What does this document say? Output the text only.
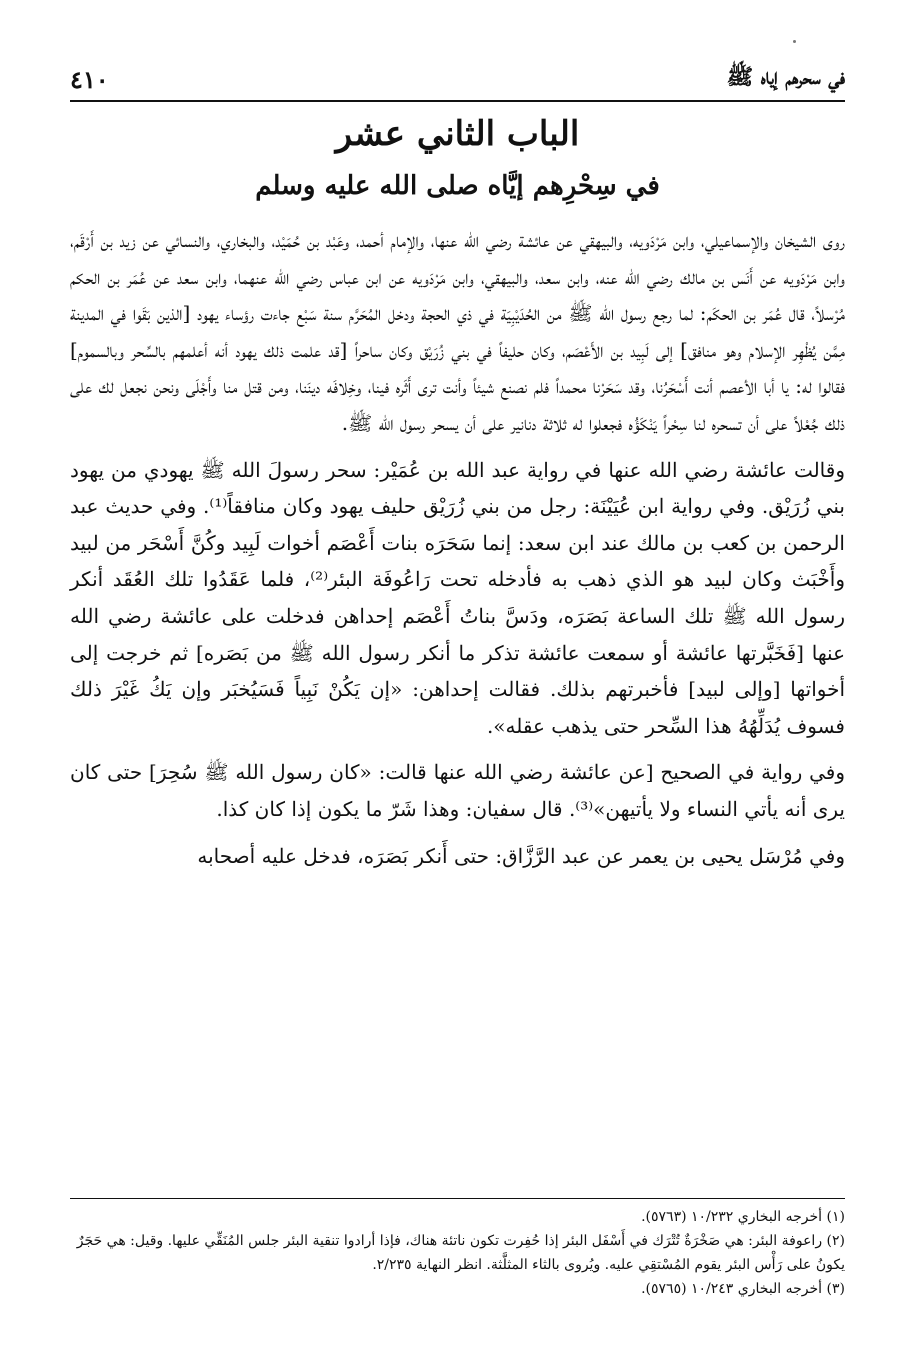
في سحرهم إياه ﷺ
٤١٠
الباب الثاني عشر
في سِحْرِهم إيَّاه صلى الله عليه وسلم

روى الشيخان والإسماعيلي، وابن مَرْدَويه، والبيهقي عن عائشة رضي الله عنها، والإمام أحمد، وعَبْد بن حُمَيْد، والبخاري، والنسائي عن زيد بن أَرْقَم، وابن مَرْدَويه عن أَنَس بن مالك رضي الله عنه، وابن سعد، والبيهقي، وابن مَرْدَويه عن ابن عباس رضي الله عنهما، وابن سعد عن عُمَر بن الحكم مُرْسلاً، قال عُمَر بن الحكَم: لما رجع رسول الله ﷺ من الحُدَيْبِيَة في ذي الحجة ودخل المُحَرَّم سنة سَبْع جاءت رؤساء يهود [الذين بَقَوا في المدينة مِمَّن يُظْهِر الإسلام وهو منافق] إلى لَبِيد بن الأَعْصَم، وكان حليفاً في بني زُرَيْق وكان ساحراً [قد علمت ذلك يهود أنه أعلمهم بالسِّحر وبالسموم] فقالوا له: يا أبا الأعصم أنت أَسْحَرُنا، وقد سَحَرْنا محمداً فلم نصنع شيئاً وأنت ترى أَثَره فينا، وخِلافَه دينَنا، ومن قتل منا وأَجْلَى ونحن نجعل لك على ذلك جُعْلاً على أن تسحره لنا سِحْراً يَنْكَؤُه فجعلوا له ثلاثة دنانير على أن يسحر رسول الله ﷺ.

وقالت عائشة رضي الله عنها في رواية عبد الله بن عُمَيْر: سحر رسولَ الله ﷺ يهودي من يهود بني زُرَيْق. وفي رواية ابن عُيَيْنَة: رجل من بني زُرَيْق حليف يهود وكان منافقاً⁽¹⁾. وفي حديث عبد الرحمن بن كعب بن مالك عند ابن سعد: إنما سَحَرَه بنات أَعْصَم أخوات لَبِيد وكُنَّ أَسْحَر من لبيد وأَخْبَث وكان لبيد هو الذي ذهب به فأدخله تحت رَاعُوفَة البئر⁽²⁾، فلما عَقَدُوا تلك العُقَد أنكر رسول الله ﷺ تلك الساعة بَصَرَه، ودَسَّ بناتُ أَعْصَم إحداهن فدخلت على عائشة رضي الله عنها [فَخَبَّرتها عائشة أو سمعت عائشة تذكر ما أنكر رسول الله ﷺ من بَصَره] ثم خرجت إلى أخواتها [وإلى لبيد] فأخبرتهم بذلك. فقالت إحداهن: «إن يَكُنْ نَبِياً فَسَيُخبَر وإن يَكُ غَيْرَ ذلك فسوف يُدَلِّهُهُ هذا السِّحر حتى يذهب عقله».

وفي رواية في الصحيح [عن عائشة رضي الله عنها قالت: «كان رسول الله ﷺ سُحِرَ] حتى كان يرى أنه يأتي النساء ولا يأتيهن»⁽³⁾. قال سفيان: وهذا شَرّ ما يكون إذا كان كذا.

وفي مُرْسَل يحيى بن يعمر عن عبد الرَّزَّاق: حتى أَنكر بَصَرَه، فدخل عليه أصحابه

(١) أخرجه البخاري ١٠/٢٣٢ (٥٧٦٣).

(٢) راعوفة البئر: هي صَخْرَةٌ تُتْرَك في أَسْفَل البئر إذا حُفِرت تكون ناتئة هناك، فإذا أرادوا تنقية البئر جلس المُنَقِّي عليها. وقيل: هي حَجَرٌ يكونُ على رَأْس البئر يقوم المُسْتقِي عليه. ويُروى بالثاء المثلَّثة. انظر النهاية ٢/٢٣٥.

(٣) أخرجه البخاري ١٠/٢٤٣ (٥٧٦٥).
